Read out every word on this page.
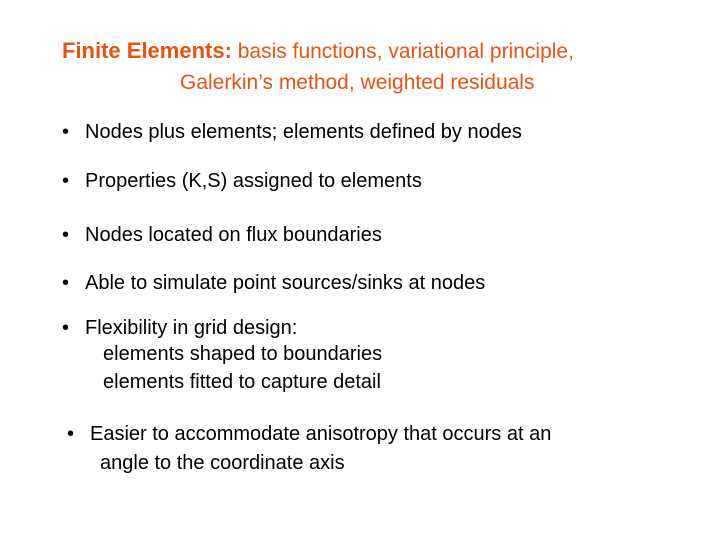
Finite Elements: basis functions, variational principle,
Galerkin’s method, weighted residuals
• Nodes plus elements; elements defined by nodes
• Properties (K,S) assigned to elements
• Nodes located on flux boundaries
• Able to simulate point sources/sinks at nodes
• Flexibility in grid design:
elements shaped to boundaries
elements fitted to capture detail
• Easier to accommodate anisotropy that occurs at an
angle to the coordinate axis
